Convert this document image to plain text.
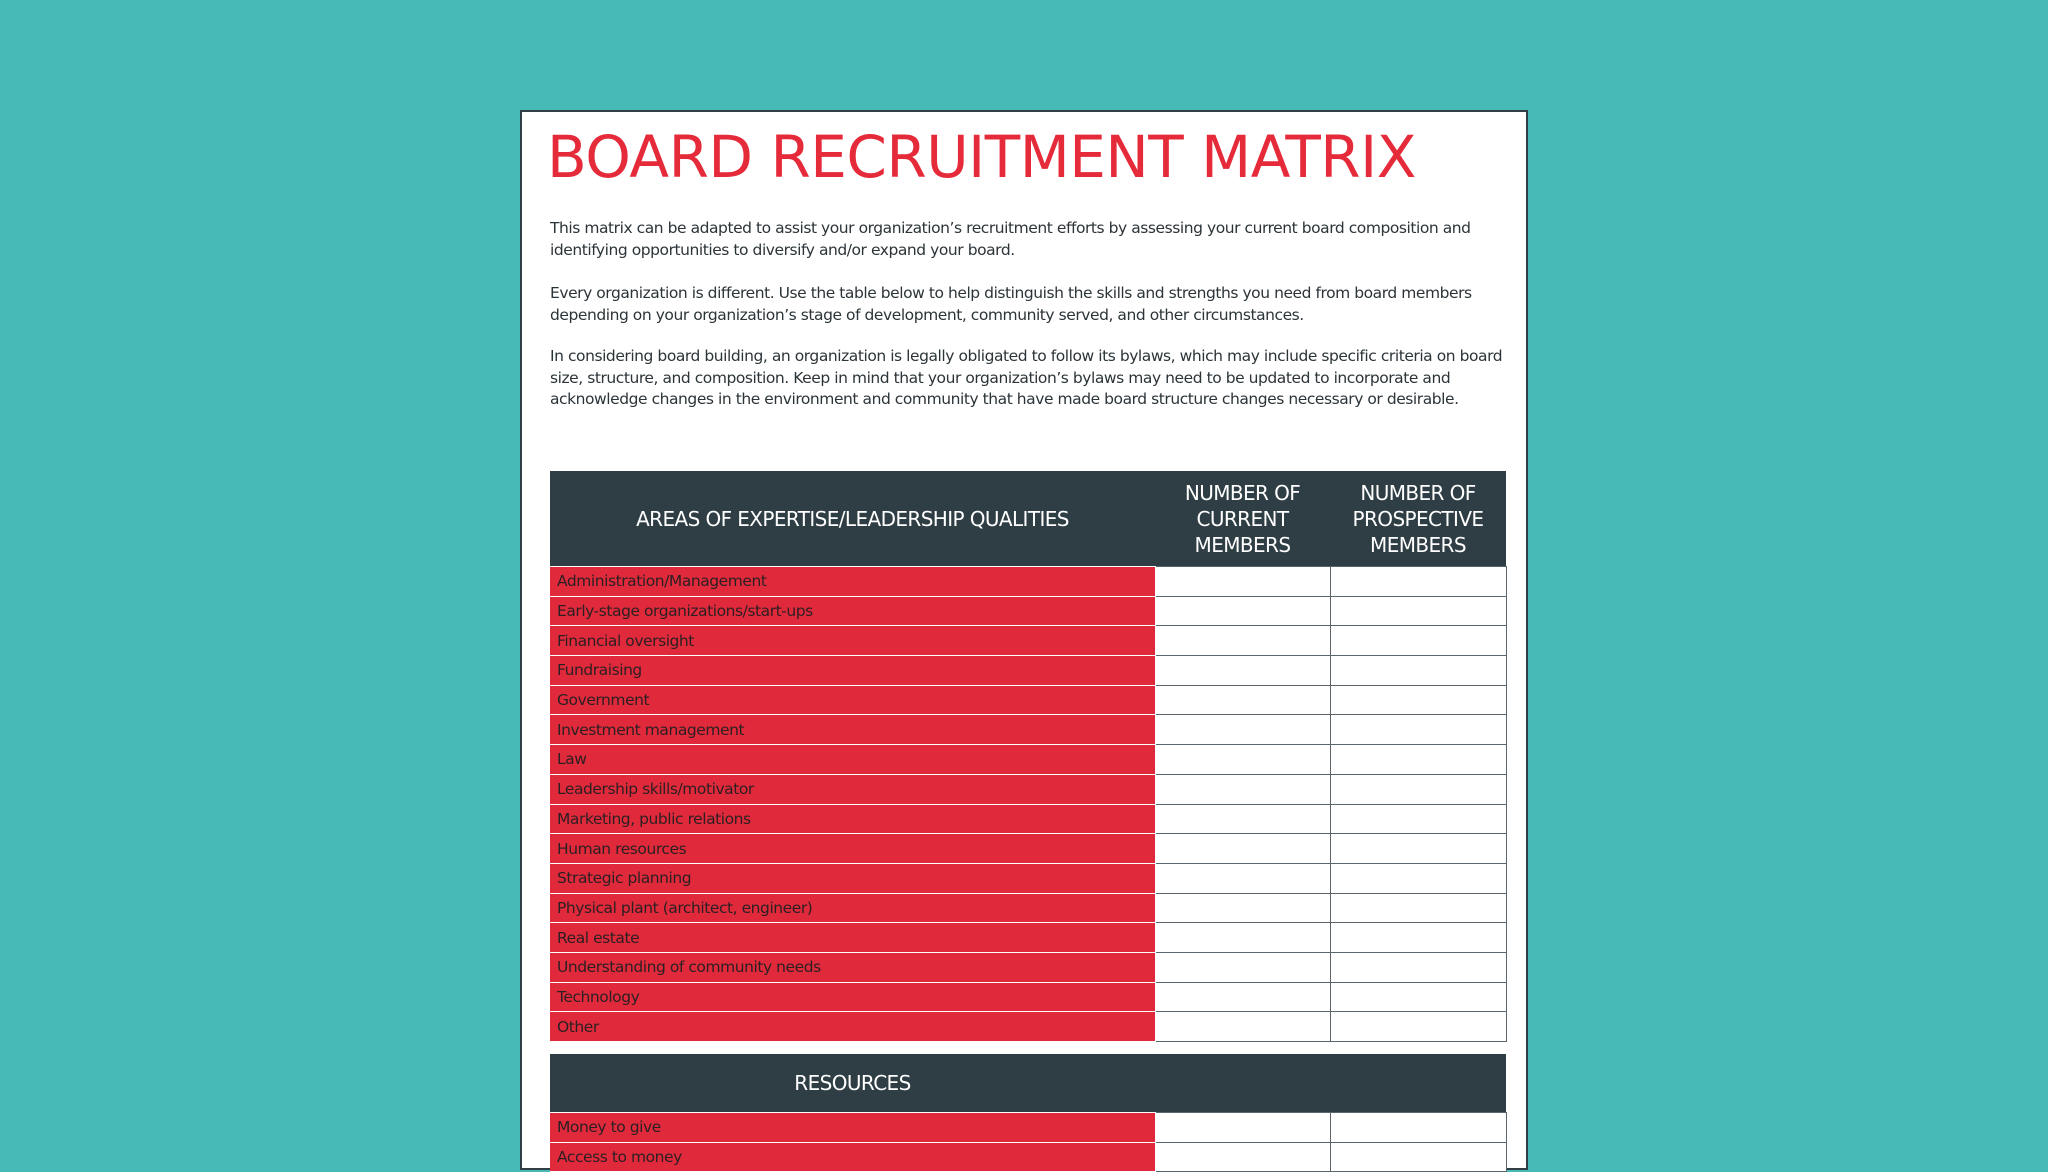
BOARD RECRUITMENT MATRIX

This matrix can be adapted to assist your organization’s recruitment efforts by assessing your current board composition and identifying opportunities to diversify and/or expand your board.

Every organization is different. Use the table below to help distinguish the skills and strengths you need from board members depending on your organization’s stage of development, community served, and other circumstances.

In considering board building, an organization is legally obligated to follow its bylaws, which may include specific criteria on board size, structure, and composition. Keep in mind that your organization’s bylaws may need to be updated to incorporate and acknowledge changes in the environment and community that have made board structure changes necessary or desirable.

AREAS OF EXPERTISE/LEADERSHIP QUALITIES	NUMBER OF CURRENT MEMBERS	NUMBER OF PROSPECTIVE MEMBERS
Administration/Management		
Early-stage organizations/start-ups		
Financial oversight		
Fundraising		
Government		
Investment management		
Law		
Leadership skills/motivator		
Marketing, public relations		
Human resources		
Strategic planning		
Physical plant (architect, engineer)		
Real estate		
Understanding of community needs		
Technology		
Other		

RESOURCES		
Money to give		
Access to money		
